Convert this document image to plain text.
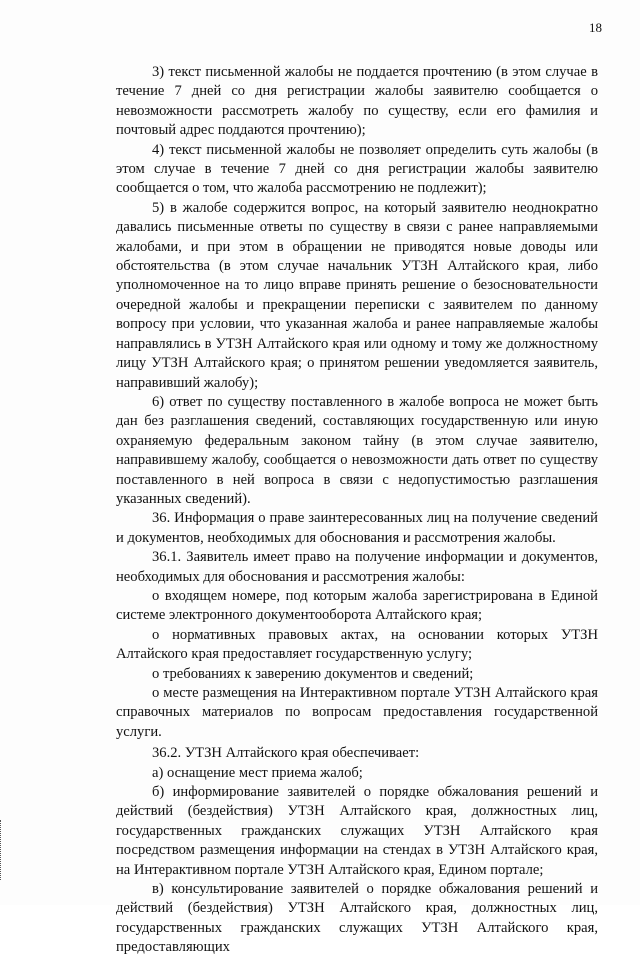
18

3) текст письменной жалобы не поддается прочтению (в этом случае в течение 7 дней со дня регистрации жалобы заявителю сообщается о невозможности рассмотреть жалобу по существу, если его фамилия и почтовый адрес поддаются прочтению);

4) текст письменной жалобы не позволяет определить суть жалобы (в этом случае в течение 7 дней со дня регистрации жалобы заявителю сообщается о том, что жалоба рассмотрению не подлежит);

5) в жалобе содержится вопрос, на который заявителю неоднократно давались письменные ответы по существу в связи с ранее направляемыми жалобами, и при этом в обращении не приводятся новые доводы или обстоятельства (в этом случае начальник УТЗН Алтайского края, либо уполномоченное на то лицо вправе принять решение о безосновательности очередной жалобы и прекращении переписки с заявителем по данному вопросу при условии, что указанная жалоба и ранее направляемые жалобы направлялись в УТЗН Алтайского края или одному и тому же должностному лицу УТЗН Алтайского края; о принятом решении уведомляется заявитель, направивший жалобу);

6) ответ по существу поставленного в жалобе вопроса не может быть дан без разглашения сведений, составляющих государственную или иную охраняемую федеральным законом тайну (в этом случае заявителю, направившему жалобу, сообщается о невозможности дать ответ по существу поставленного в ней вопроса в связи с недопустимостью разглашения указанных сведений).

36. Информация о праве заинтересованных лиц на получение сведений и документов, необходимых для обоснования и рассмотрения жалобы.

36.1. Заявитель имеет право на получение информации и документов, необходимых для обоснования и рассмотрения жалобы:

о входящем номере, под которым жалоба зарегистрирована в Единой системе электронного документооборота Алтайского края;

о нормативных правовых актах, на основании которых УТЗН Алтайского края предоставляет государственную услугу;

о требованиях к заверению документов и сведений;

о месте размещения на Интерактивном портале УТЗН Алтайского края справочных материалов по вопросам предоставления государственной услуги.

36.2. УТЗН Алтайского края обеспечивает:

а) оснащение мест приема жалоб;

б) информирование заявителей о порядке обжалования решений и действий (бездействия) УТЗН Алтайского края, должностных лиц, государственных гражданских служащих УТЗН Алтайского края посредством размещения информации на стендах в УТЗН Алтайского края, на Интерактивном портале УТЗН Алтайского края, Едином портале;

в) консультирование заявителей о порядке обжалования решений и действий (бездействия) УТЗН Алтайского края, должностных лиц, государственных гражданских служащих УТЗН Алтайского края, предоставляющих
